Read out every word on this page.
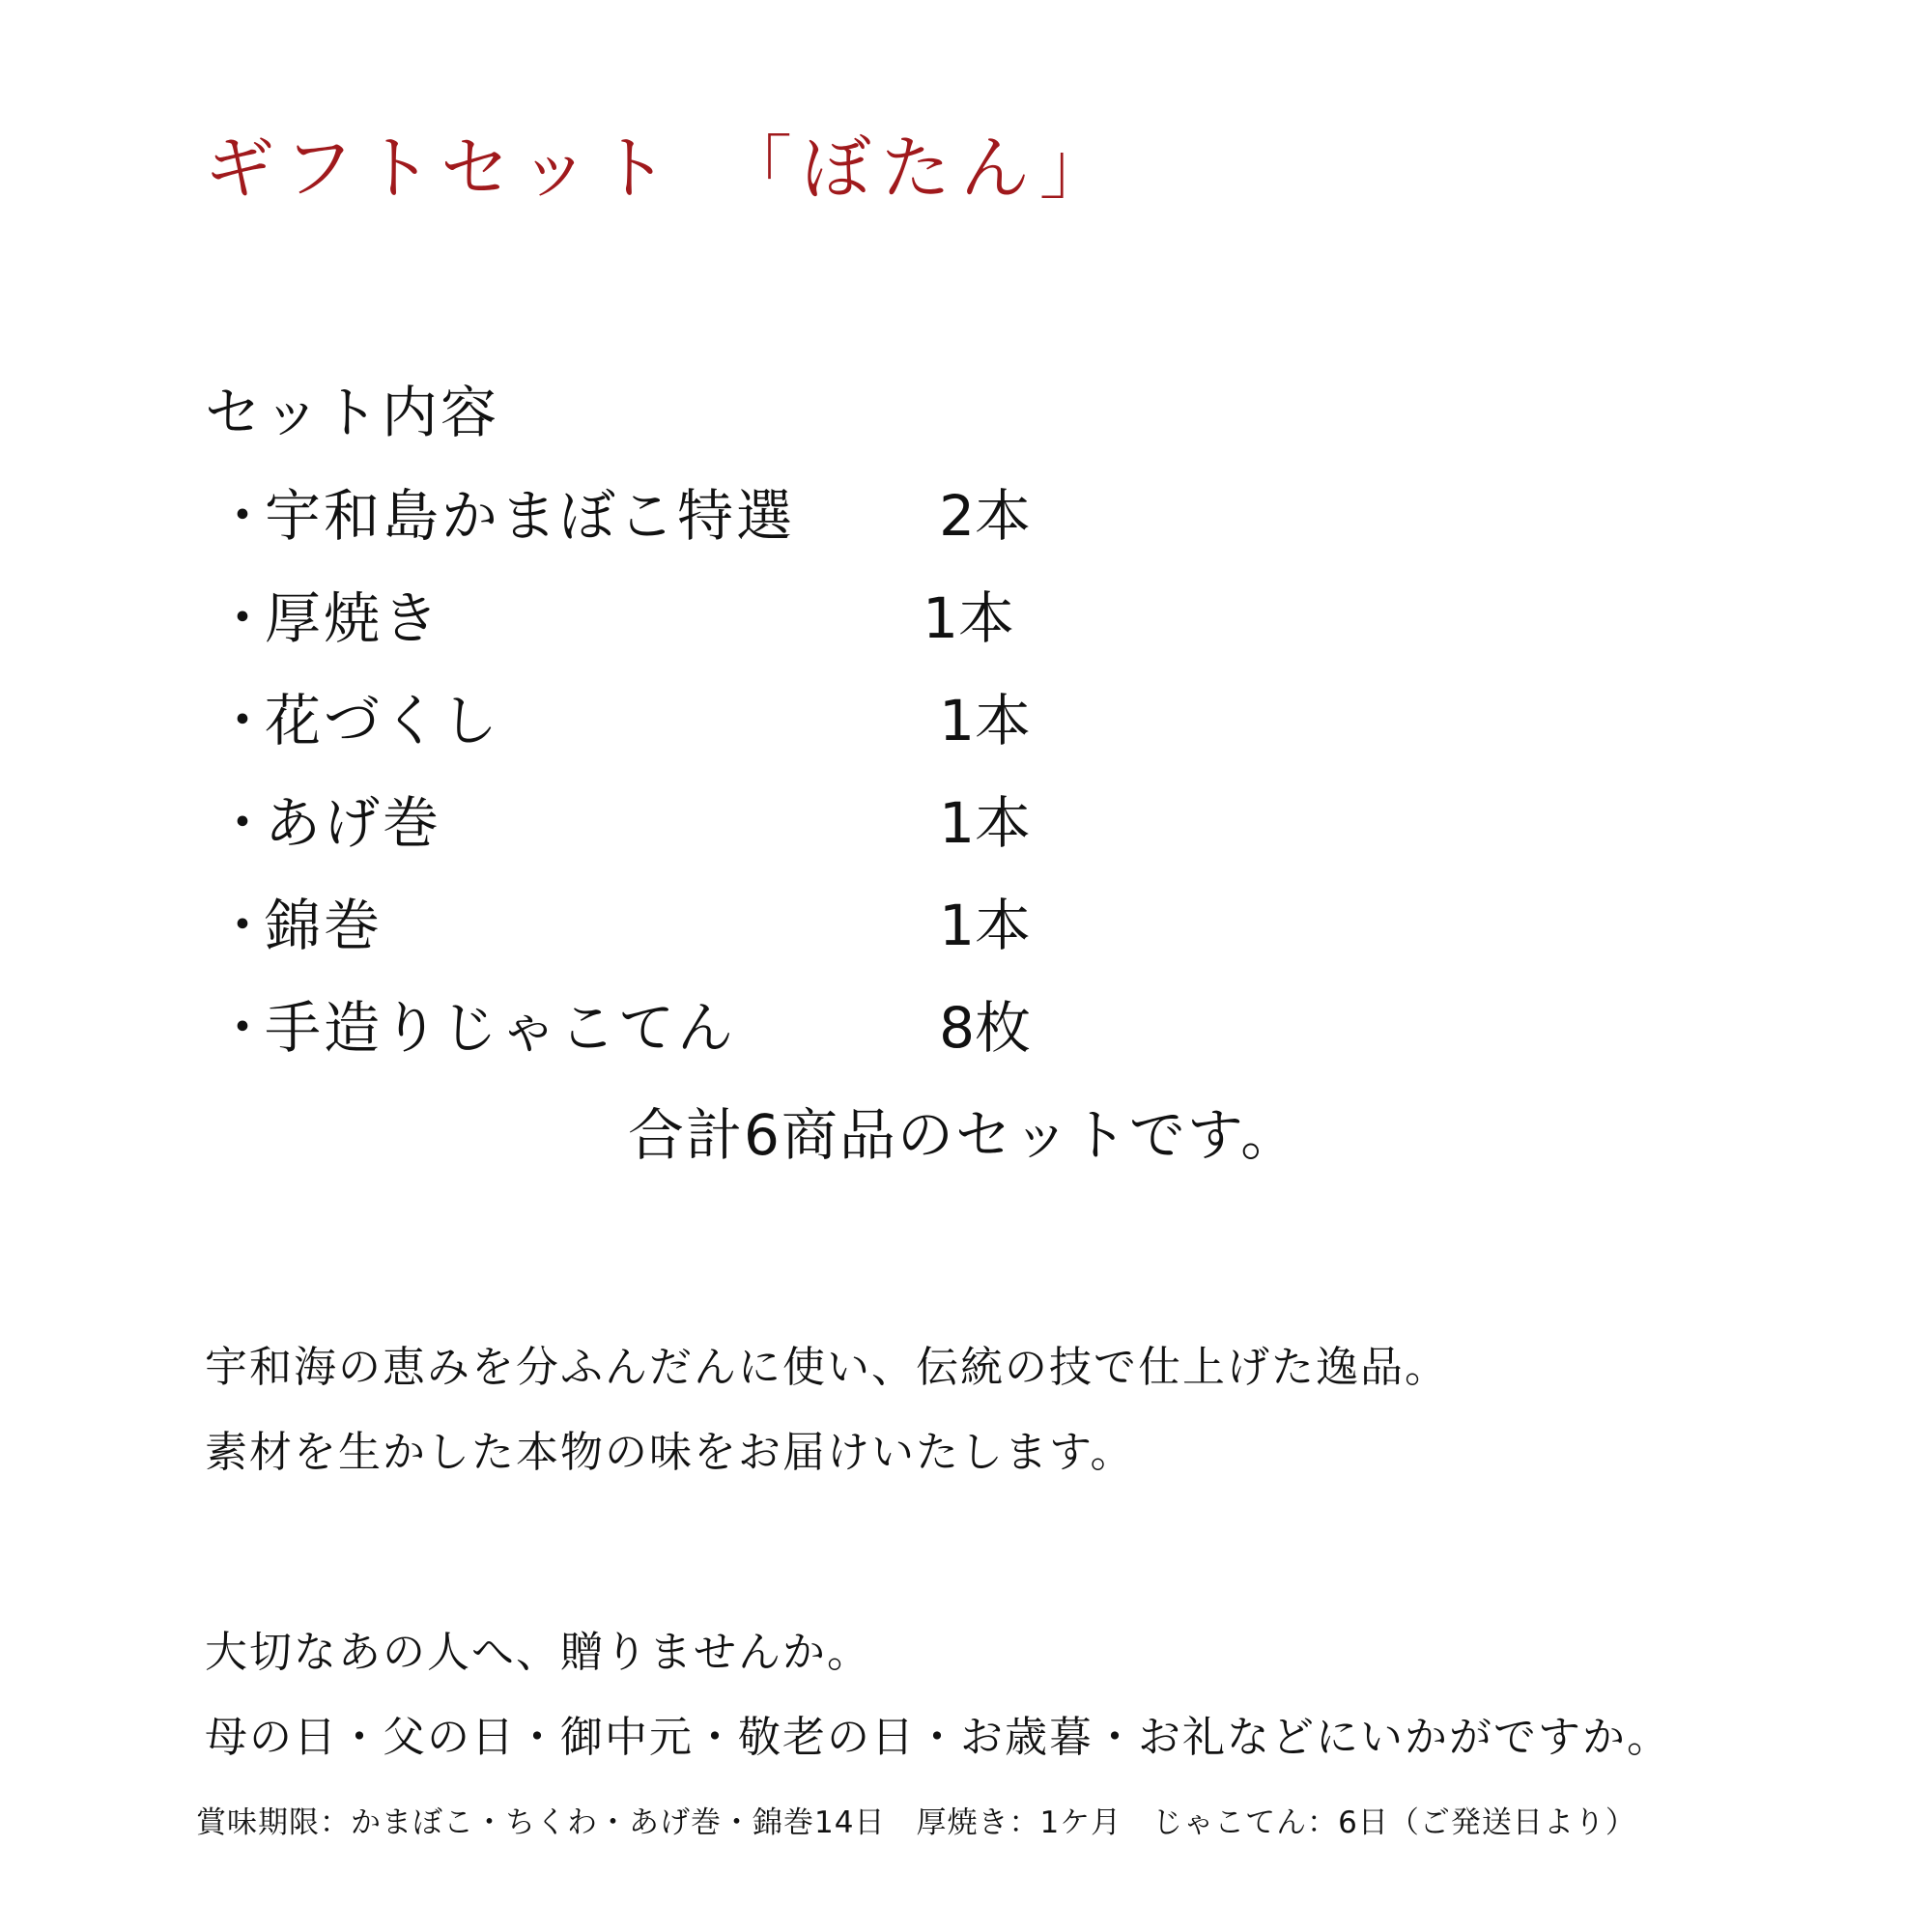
ギフトセット　「ぼたん」
セット内容
・
宇和島かまぼこ特選	2本
・
厚焼き	1本
・
花づくし	1本
・
あげ巻	1本
・
錦巻	1本
・
手造りじゃこてん	8枚
合計6商品のセットです。

宇和海の恵みを分ふんだんに使い、伝統の技で仕上げた逸品。
素材を生かした本物の味をお届けいたします。

大切なあの人へ、贈りませんか。
母の日・父の日・御中元・敬老の日・お歳暮・お礼などにいかがですか。

賞味期限：かまぼこ・ちくわ・あげ巻・錦巻14日　厚焼き：1ケ月　じゃこてん：6日（ご発送日より）
